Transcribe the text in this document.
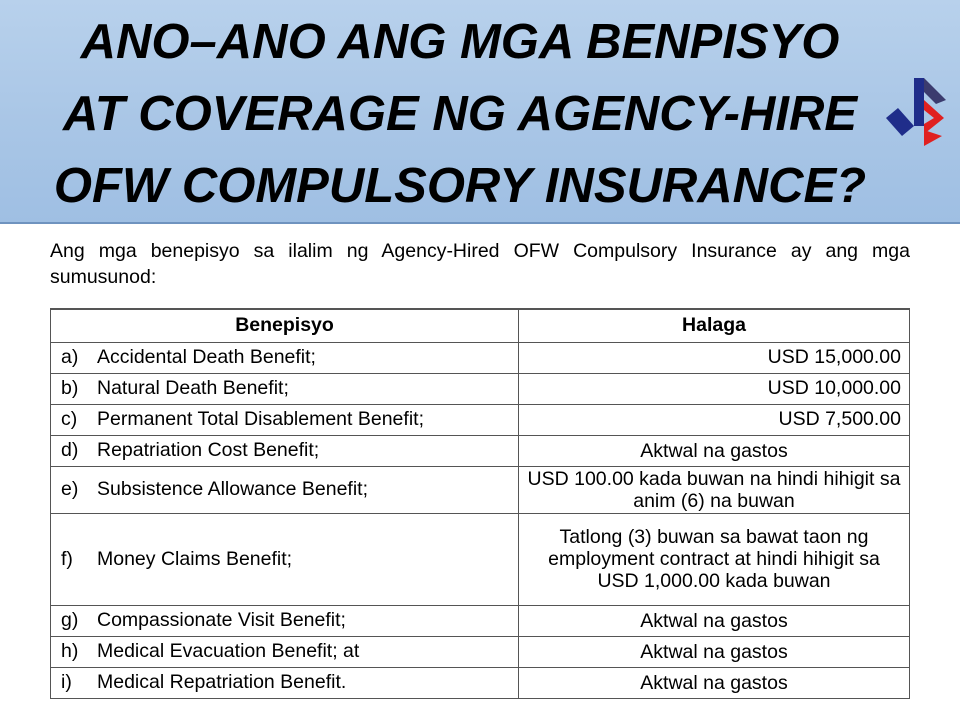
ANO–ANO ANG MGA BENPISYO
AT COVERAGE NG AGENCY-HIRE
OFW COMPULSORY INSURANCE?

Ang mga benepisyo sa ilalim ng Agency-Hired OFW Compulsory Insurance ay ang mga sumusunod:

Benepisyo	Halaga
a) Accidental Death Benefit;	USD 15,000.00
b) Natural Death Benefit;	USD 10,000.00
c) Permanent Total Disablement Benefit;	USD 7,500.00
d) Repatriation Cost Benefit;	Aktwal na gastos
e) Subsistence Allowance Benefit;	USD 100.00 kada buwan na hindi hihigit sa anim (6) na buwan
f) Money Claims Benefit;	Tatlong (3) buwan sa bawat taon ng employment contract at hindi hihigit sa USD 1,000.00 kada buwan
g) Compassionate Visit Benefit;	Aktwal na gastos
h) Medical Evacuation Benefit; at	Aktwal na gastos
i) Medical Repatriation Benefit.	Aktwal na gastos
